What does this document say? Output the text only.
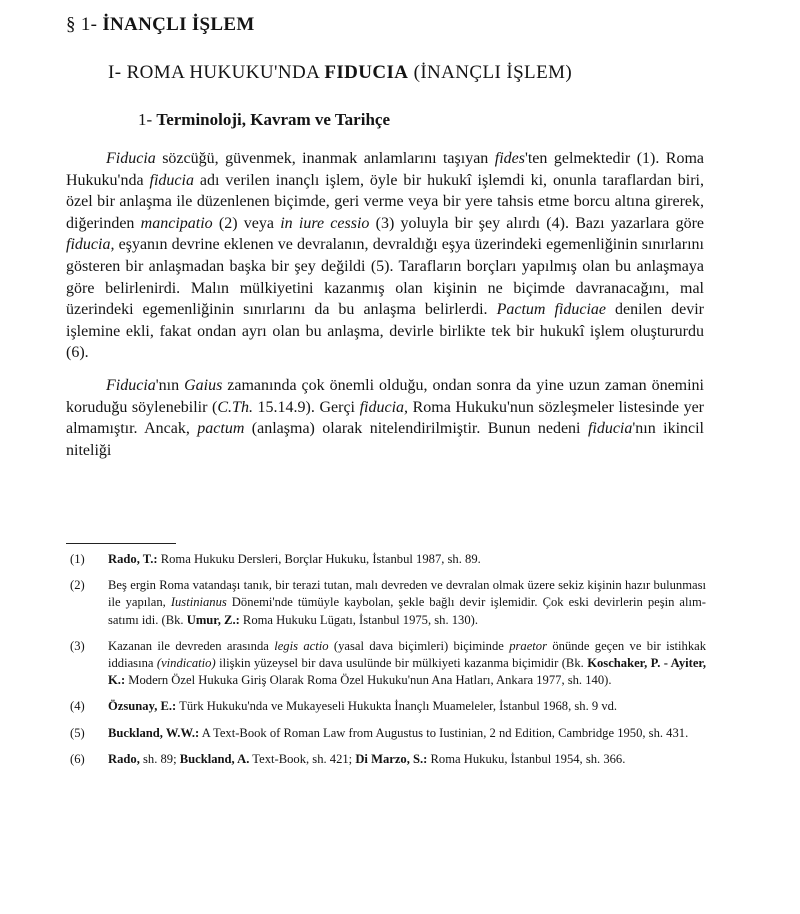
§ 1- İNANÇLI İŞLEM
I- ROMA HUKUKU'NDA FIDUCIA (İNANÇLI İŞLEM)
1- Terminoloji, Kavram ve Tarihçe

Fiducia sözcüğü, güvenmek, inanmak anlamlarını taşıyan fides'ten gelmektedir (1). Roma Hukuku'nda fiducia adı verilen inançlı işlem, öyle bir hukukî işlemdi ki, onunla taraflardan biri, özel bir anlaşma ile düzenlenen biçimde, geri verme veya bir yere tahsis etme borcu altına girerek, diğerinden mancipatio (2) veya in iure cessio (3) yoluyla bir şey alırdı (4). Bazı yazarlara göre fiducia, eşyanın devrine eklenen ve devralanın, devraldığı eşya üzerindeki egemenliğinin sınırlarını gösteren bir anlaşmadan başka bir şey değildi (5). Tarafların borçları yapılmış olan bu anlaşmaya göre belirlenirdi. Malın mülkiyetini kazanmış olan kişinin ne biçimde davranacağını, mal üzerindeki egemenliğinin sınırlarını da bu anlaşma belirlerdi. Pactum fiduciae denilen devir işlemine ekli, fakat ondan ayrı olan bu anlaşma, devirle birlikte tek bir hukukî işlem oluştururdu (6).

Fiducia'nın Gaius zamanında çok önemli olduğu, ondan sonra da yine uzun zaman önemini koruduğu söylenebilir (C.Th. 15.14.9). Gerçi fiducia, Roma Hukuku'nun sözleşmeler listesinde yer almamıştır. Ancak, pactum (anlaşma) olarak nitelendirilmiştir. Bunun nedeni fiducia'nın ikincil niteliği

(1)	Rado, T.: Roma Hukuku Dersleri, Borçlar Hukuku, İstanbul 1987, sh. 89.
(2)	Beş ergin Roma vatandaşı tanık, bir terazi tutan, malı devreden ve devralan olmak üzere sekiz kişinin hazır bulunması ile yapılan, Iustinianus Dönemi'nde tümüyle kaybolan, şekle bağlı devir işlemidir. Çok eski devirlerin peşin alım-satımı idi. (Bk. Umur, Z.: Roma Hukuku Lügatı, İstanbul 1975, sh. 130).
(3)	Kazanan ile devreden arasında legis actio (yasal dava biçimleri) biçiminde praetor önünde geçen ve bir istihkak iddiasına (vindicatio) ilişkin yüzeysel bir dava usulünde bir mülkiyeti kazanma biçimidir (Bk. Koschaker, P. - Ayiter, K.: Modern Özel Hukuka Giriş Olarak Roma Özel Hukuku'nun Ana Hatları, Ankara 1977, sh. 140).
(4)	Özsunay, E.: Türk Hukuku'nda ve Mukayeseli Hukukta İnançlı Muameleler, İstanbul 1968, sh. 9 vd.
(5)	Buckland, W.W.: A Text-Book of Roman Law from Augustus to Iustinian, 2 nd Edition, Cambridge 1950, sh. 431.
(6)	Rado, sh. 89; Buckland, A. Text-Book, sh. 421; Di Marzo, S.: Roma Hukuku, İstanbul 1954, sh. 366.
